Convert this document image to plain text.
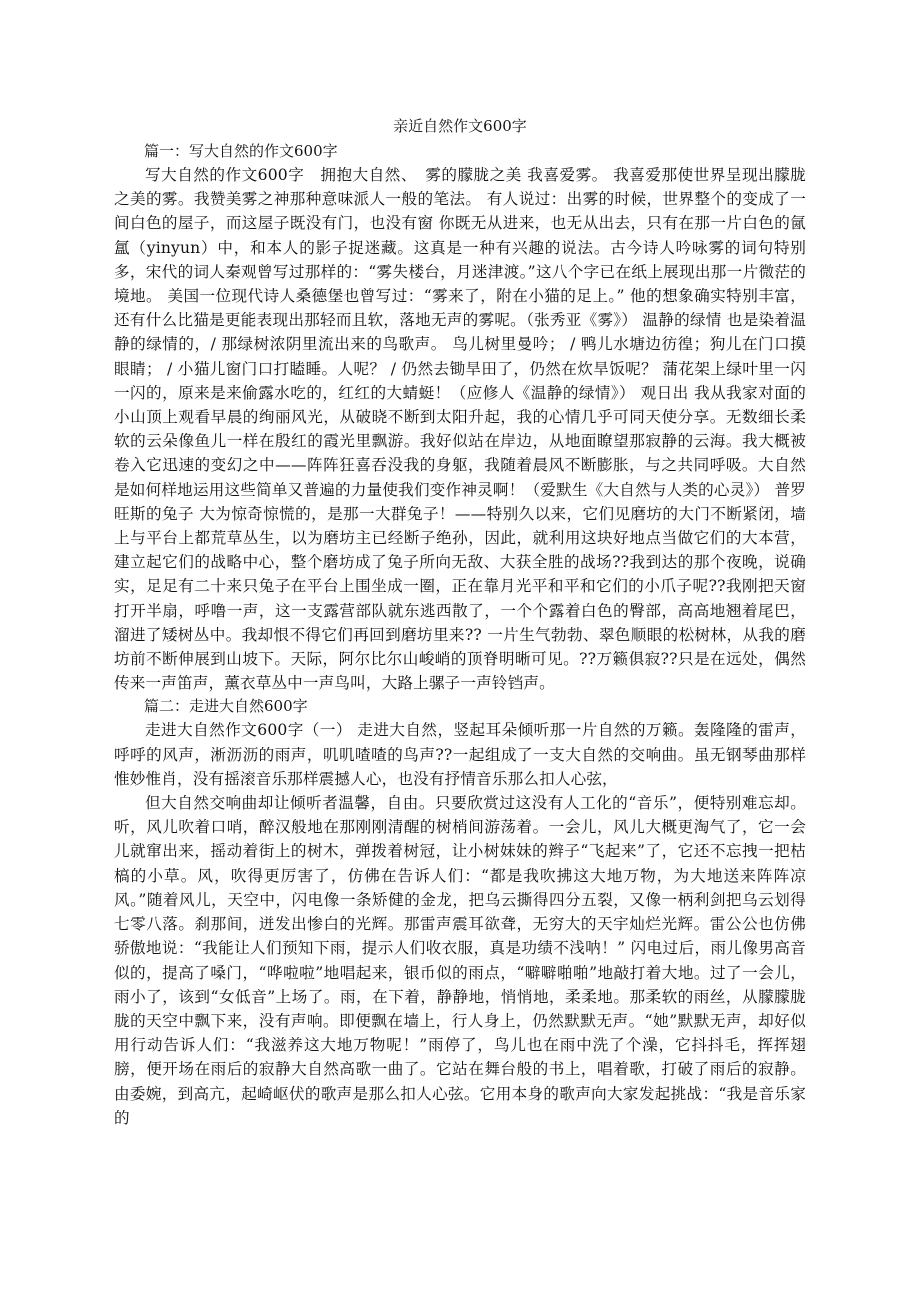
亲近自然作文600字
篇一：写大自然的作文600字

写大自然的作文600字　拥抱大自然、　雾的朦胧之美 我喜爱雾。 我喜爱那使世界呈现出朦胧之美的雾。我赞美雾之神那种意味派人一般的笔法。 有人说过：出雾的时候，世界整个的变成了一间白色的屋子，而这屋子既没有门，也没有窗 你既无从进来，也无从出去，只有在那一片白色的氤氲（yinyun）中，和本人的影子捉迷藏。这真是一种有兴趣的说法。古今诗人吟咏雾的词句特别多，宋代的词人秦观曾写过那样的：“雾失楼台，月迷津渡。”这八个字已在纸上展现出那一片微茫的境地。 美国一位现代诗人桑德堡也曾写过：“雾来了，附在小猫的足上。” 他的想象确实特别丰富，还有什么比猫是更能表现出那轻而且软，落地无声的雾呢。（张秀亚《雾》） 温静的绿情 也是染着温静的绿情的，/ 那绿树浓阴里流出来的鸟歌声。 鸟儿树里曼吟； / 鸭儿水塘边彷徨；狗儿在门口摸眼睛； / 小猫儿窗门口打瞌睡。人呢？ / 仍然去锄旱田了，仍然在炊旱饭呢？ 蒲花架上绿叶里一闪一闪的，原来是来偷露水吃的，红红的大蜻蜓！（应修人《温静的绿情》） 观日出 我从我家对面的小山顶上观看早晨的绚丽风光，从破晓不断到太阳升起，我的心情几乎可同天使分享。无数细长柔软的云朵像鱼儿一样在殷红的霞光里飘游。我好似站在岸边，从地面瞭望那寂静的云海。我大概被卷入它迅速的变幻之中——阵阵狂喜吞没我的身躯，我随着晨风不断膨胀，与之共同呼吸。大自然是如何样地运用这些简单又普遍的力量使我们变作神灵啊！（爱默生《大自然与人类的心灵》） 普罗旺斯的兔子 大为惊奇惊慌的，是那一大群兔子！——特别久以来，它们见磨坊的大门不断紧闭，墙上与平台上都荒草丛生，以为磨坊主已经断子绝孙，因此，就利用这块好地点当做它们的大本营，建立起它们的战略中心，整个磨坊成了兔子所向无敌、大获全胜的战场??我到达的那个夜晚，说确实，足足有二十来只兔子在平台上围坐成一圈，正在靠月光平和平和它们的小爪子呢??我刚把天窗打开半扇，呼噜一声，这一支露营部队就东逃西散了，一个个露着白色的臀部，高高地翘着尾巴，溜进了矮树丛中。我却恨不得它们再回到磨坊里来?? 一片生气勃勃、翠色顺眼的松树林，从我的磨坊前不断伸展到山坡下。天际，阿尔比尔山峻峭的顶脊明晰可见。??万籁俱寂??只是在远处，偶然传来一声笛声，薰衣草丛中一声鸟叫，大路上骡子一声铃铛声。

篇二：走进大自然600字

走进大自然作文600字（一） 走进大自然，竖起耳朵倾听那一片自然的万籁。轰隆隆的雷声，呼呼的风声，淅沥沥的雨声，叽叽喳喳的鸟声??一起组成了一支大自然的交响曲。虽无钢琴曲那样惟妙惟肖，没有摇滚音乐那样震撼人心，也没有抒情音乐那么扣人心弦，

但大自然交响曲却让倾听者温馨，自由。只要欣赏过这没有人工化的“音乐”，便特别难忘却。 听，风儿吹着口哨，醉汉般地在那刚刚清醒的树梢间游荡着。一会儿，风儿大概更淘气了，它一会儿就窜出来，摇动着街上的树木，弹拨着树冠，让小树妹妹的辫子“飞起来”了，它还不忘拽一把枯槁的小草。风，吹得更厉害了，仿佛在告诉人们：“都是我吹拂这大地万物，为大地送来阵阵凉风。”随着风儿，天空中，闪电像一条矫健的金龙，把乌云撕得四分五裂，又像一柄利剑把乌云划得七零八落。刹那间，迸发出惨白的光辉。那雷声震耳欲聋，无穷大的天宇灿烂光辉。雷公公也仿佛骄傲地说：“我能让人们预知下雨，提示人们收衣服，真是功绩不浅呐！” 闪电过后，雨儿像男高音似的，提高了嗓门，“哗啦啦”地唱起来，银币似的雨点，“噼噼啪啪”地敲打着大地。过了一会儿，雨小了，该到“女低音”上场了。雨，在下着，静静地，悄悄地，柔柔地。那柔软的雨丝，从朦朦胧胧的天空中飘下来，没有声响。即便飘在墙上，行人身上，仍然默默无声。“她”默默无声，却好似用行动告诉人们：“我滋养这大地万物呢！”雨停了，鸟儿也在雨中洗了个澡，它抖抖毛，挥挥翅膀，便开场在雨后的寂静大自然高歌一曲了。它站在舞台般的书上，唱着歌，打破了雨后的寂静。由委婉，到高亢，起崎岖伏的歌声是那么扣人心弦。它用本身的歌声向大家发起挑战：“我是音乐家的
